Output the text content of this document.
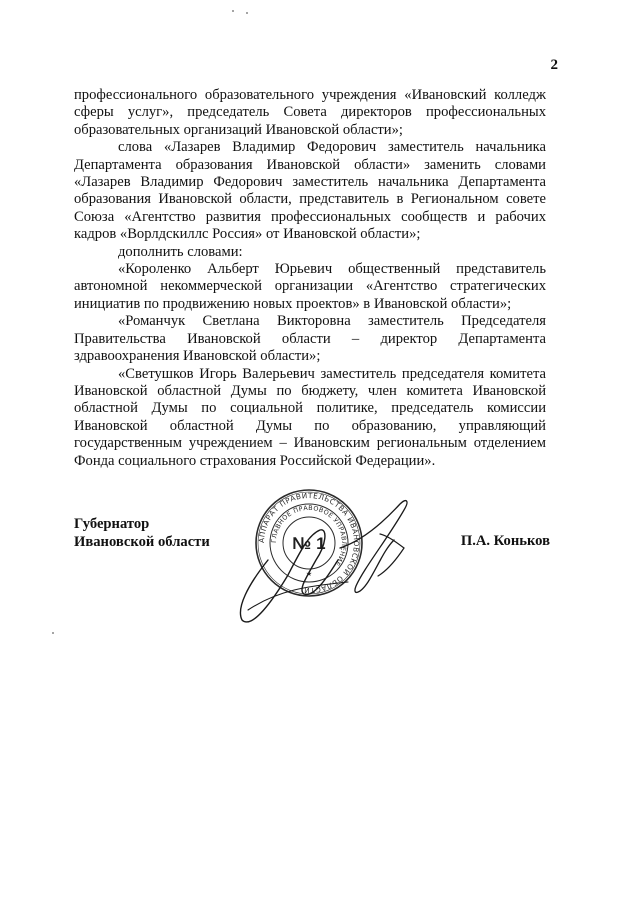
2

профессионального образовательного учреждения «Ивановский колледж сферы услуг», председатель Совета директоров профессиональных образовательных организаций Ивановской области»;

слова «Лазарев Владимир Федорович заместитель начальника Департамента образования Ивановской области» заменить словами «Лазарев Владимир Федорович заместитель начальника Департамента образования Ивановской области, представитель в Региональном совете Союза «Агентство развития профессиональных сообществ и рабочих кадров «Ворлдскиллс Россия» от Ивановской области»;

дополнить словами:

«Короленко Альберт Юрьевич общественный представитель автономной некоммерческой организации «Агентство стратегических инициатив по продвижению новых проектов» в Ивановской области»;

«Романчук Светлана Викторовна заместитель Председателя Правительства Ивановской области – директор Департамента здравоохранения Ивановской области»;

«Светушков Игорь Валерьевич заместитель председателя комитета Ивановской областной Думы по бюджету, член комитета Ивановской областной Думы по социальной политике, председатель комиссии Ивановской областной Думы по образованию, управляющий государственным учреждением – Ивановским региональным отделением Фонда социального страхования Российской Федерации».

Губернатор
Ивановской области	П.А. Коньков
АППАРАТ ПРАВИТЕЛЬСТВА ИВАНОВСКОЙ ОБЛАСТИ
ГЛАВНОЕ ПРАВОВОЕ УПРАВЛЕНИЕ
№ 1
★
